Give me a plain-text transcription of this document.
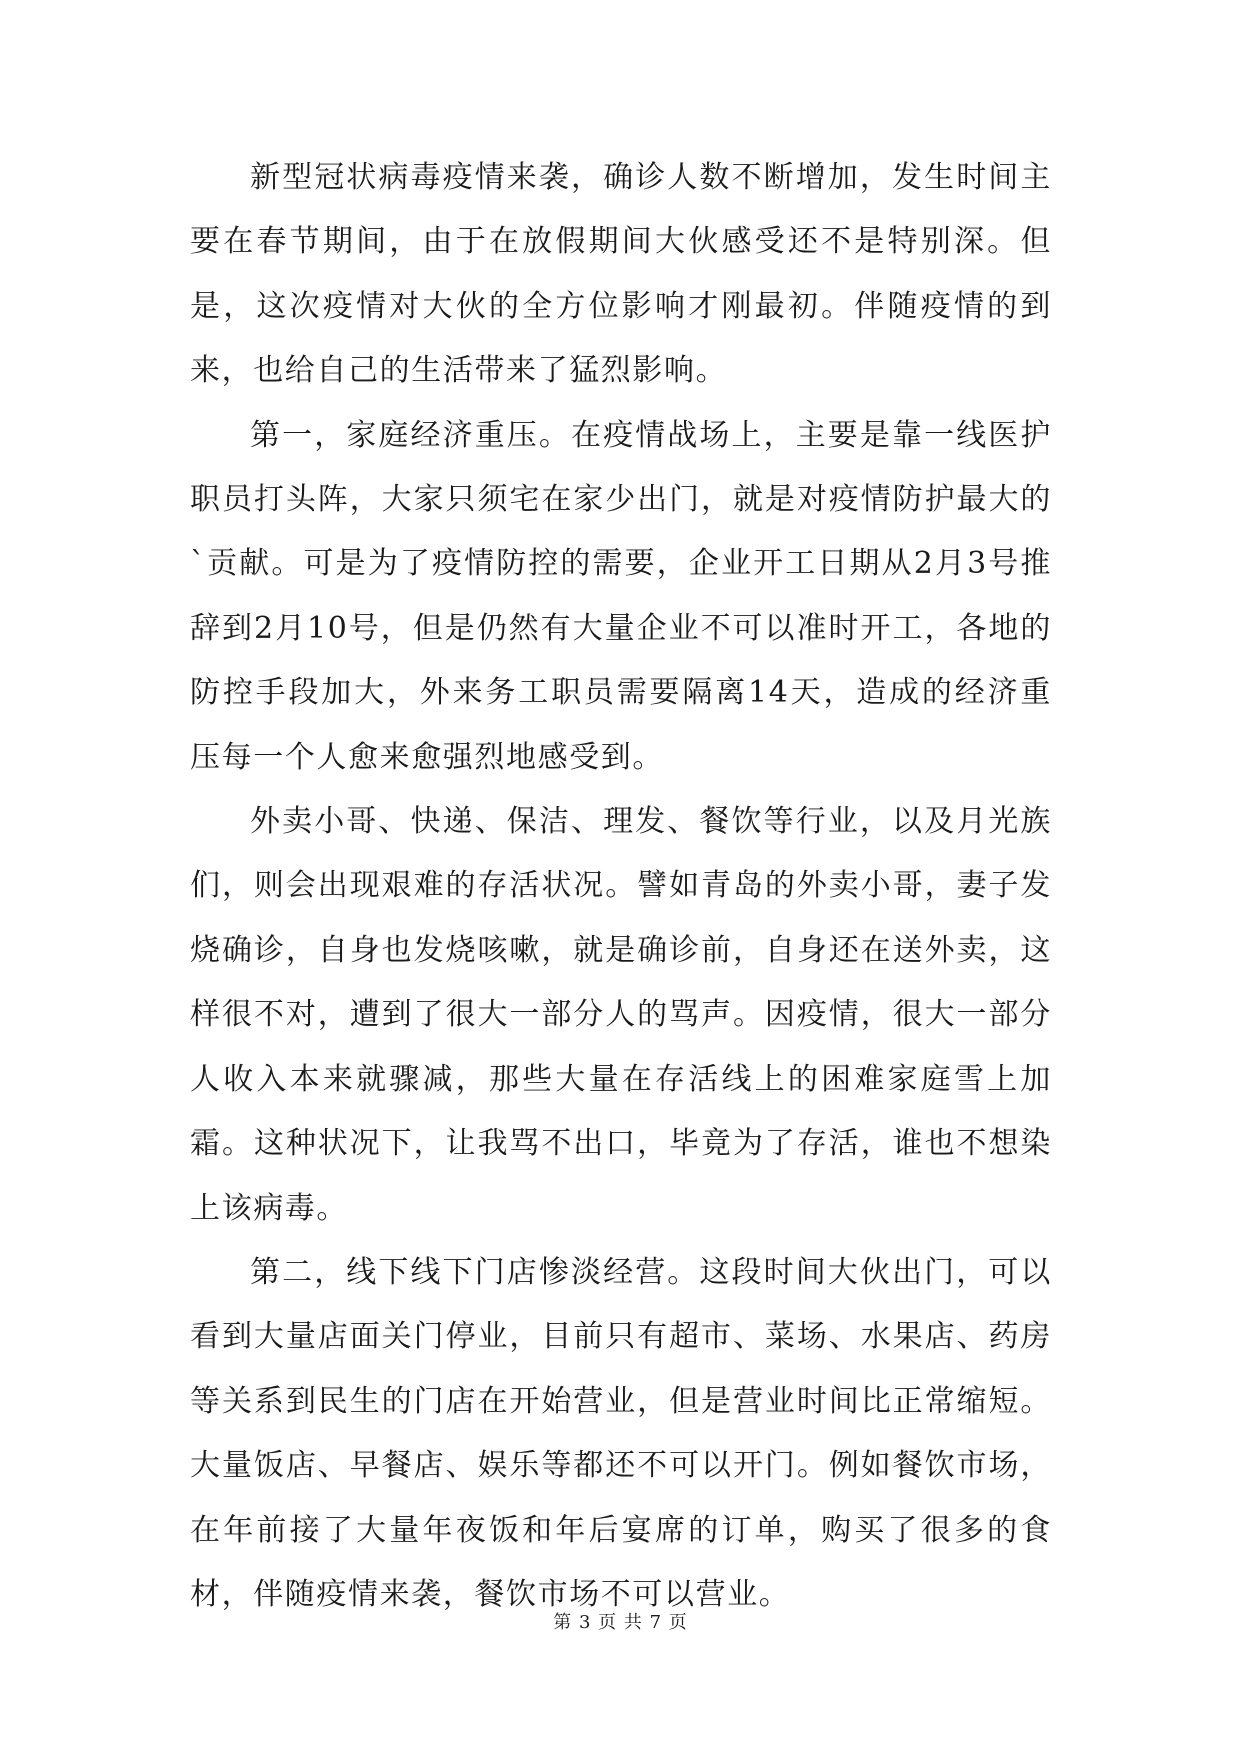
新型冠状病毒疫情来袭，确诊人数不断增加，发生时间主要在春节期间，由于在放假期间大伙感受还不是特别深。但是，这次疫情对大伙的全方位影响才刚最初。伴随疫情的到来，也给自己的生活带来了猛烈影响。

第一，家庭经济重压。在疫情战场上，主要是靠一线医护职员打头阵，大家只须宅在家少出门，就是对疫情防护最大的`贡献。可是为了疫情防控的需要，企业开工日期从2月3号推辞到2月10号，但是仍然有大量企业不可以准时开工，各地的防控手段加大，外来务工职员需要隔离14天，造成的经济重压每一个人愈来愈强烈地感受到。

外卖小哥、快递、保洁、理发、餐饮等行业，以及月光族们，则会出现艰难的存活状况。譬如青岛的外卖小哥，妻子发烧确诊，自身也发烧咳嗽，就是确诊前，自身还在送外卖，这样很不对，遭到了很大一部分人的骂声。因疫情，很大一部分人收入本来就骤减，那些大量在存活线上的困难家庭雪上加霜。这种状况下，让我骂不出口，毕竟为了存活，谁也不想染上该病毒。

第二，线下线下门店惨淡经营。这段时间大伙出门，可以看到大量店面关门停业，目前只有超市、菜场、水果店、药房等关系到民生的门店在开始营业，但是营业时间比正常缩短。大量饭店、早餐店、娱乐等都还不可以开门。例如餐饮市场，在年前接了大量年夜饭和年后宴席的订单，购买了很多的食材，伴随疫情来袭，餐饮市场不可以营业。

第 3 页 共 7 页
